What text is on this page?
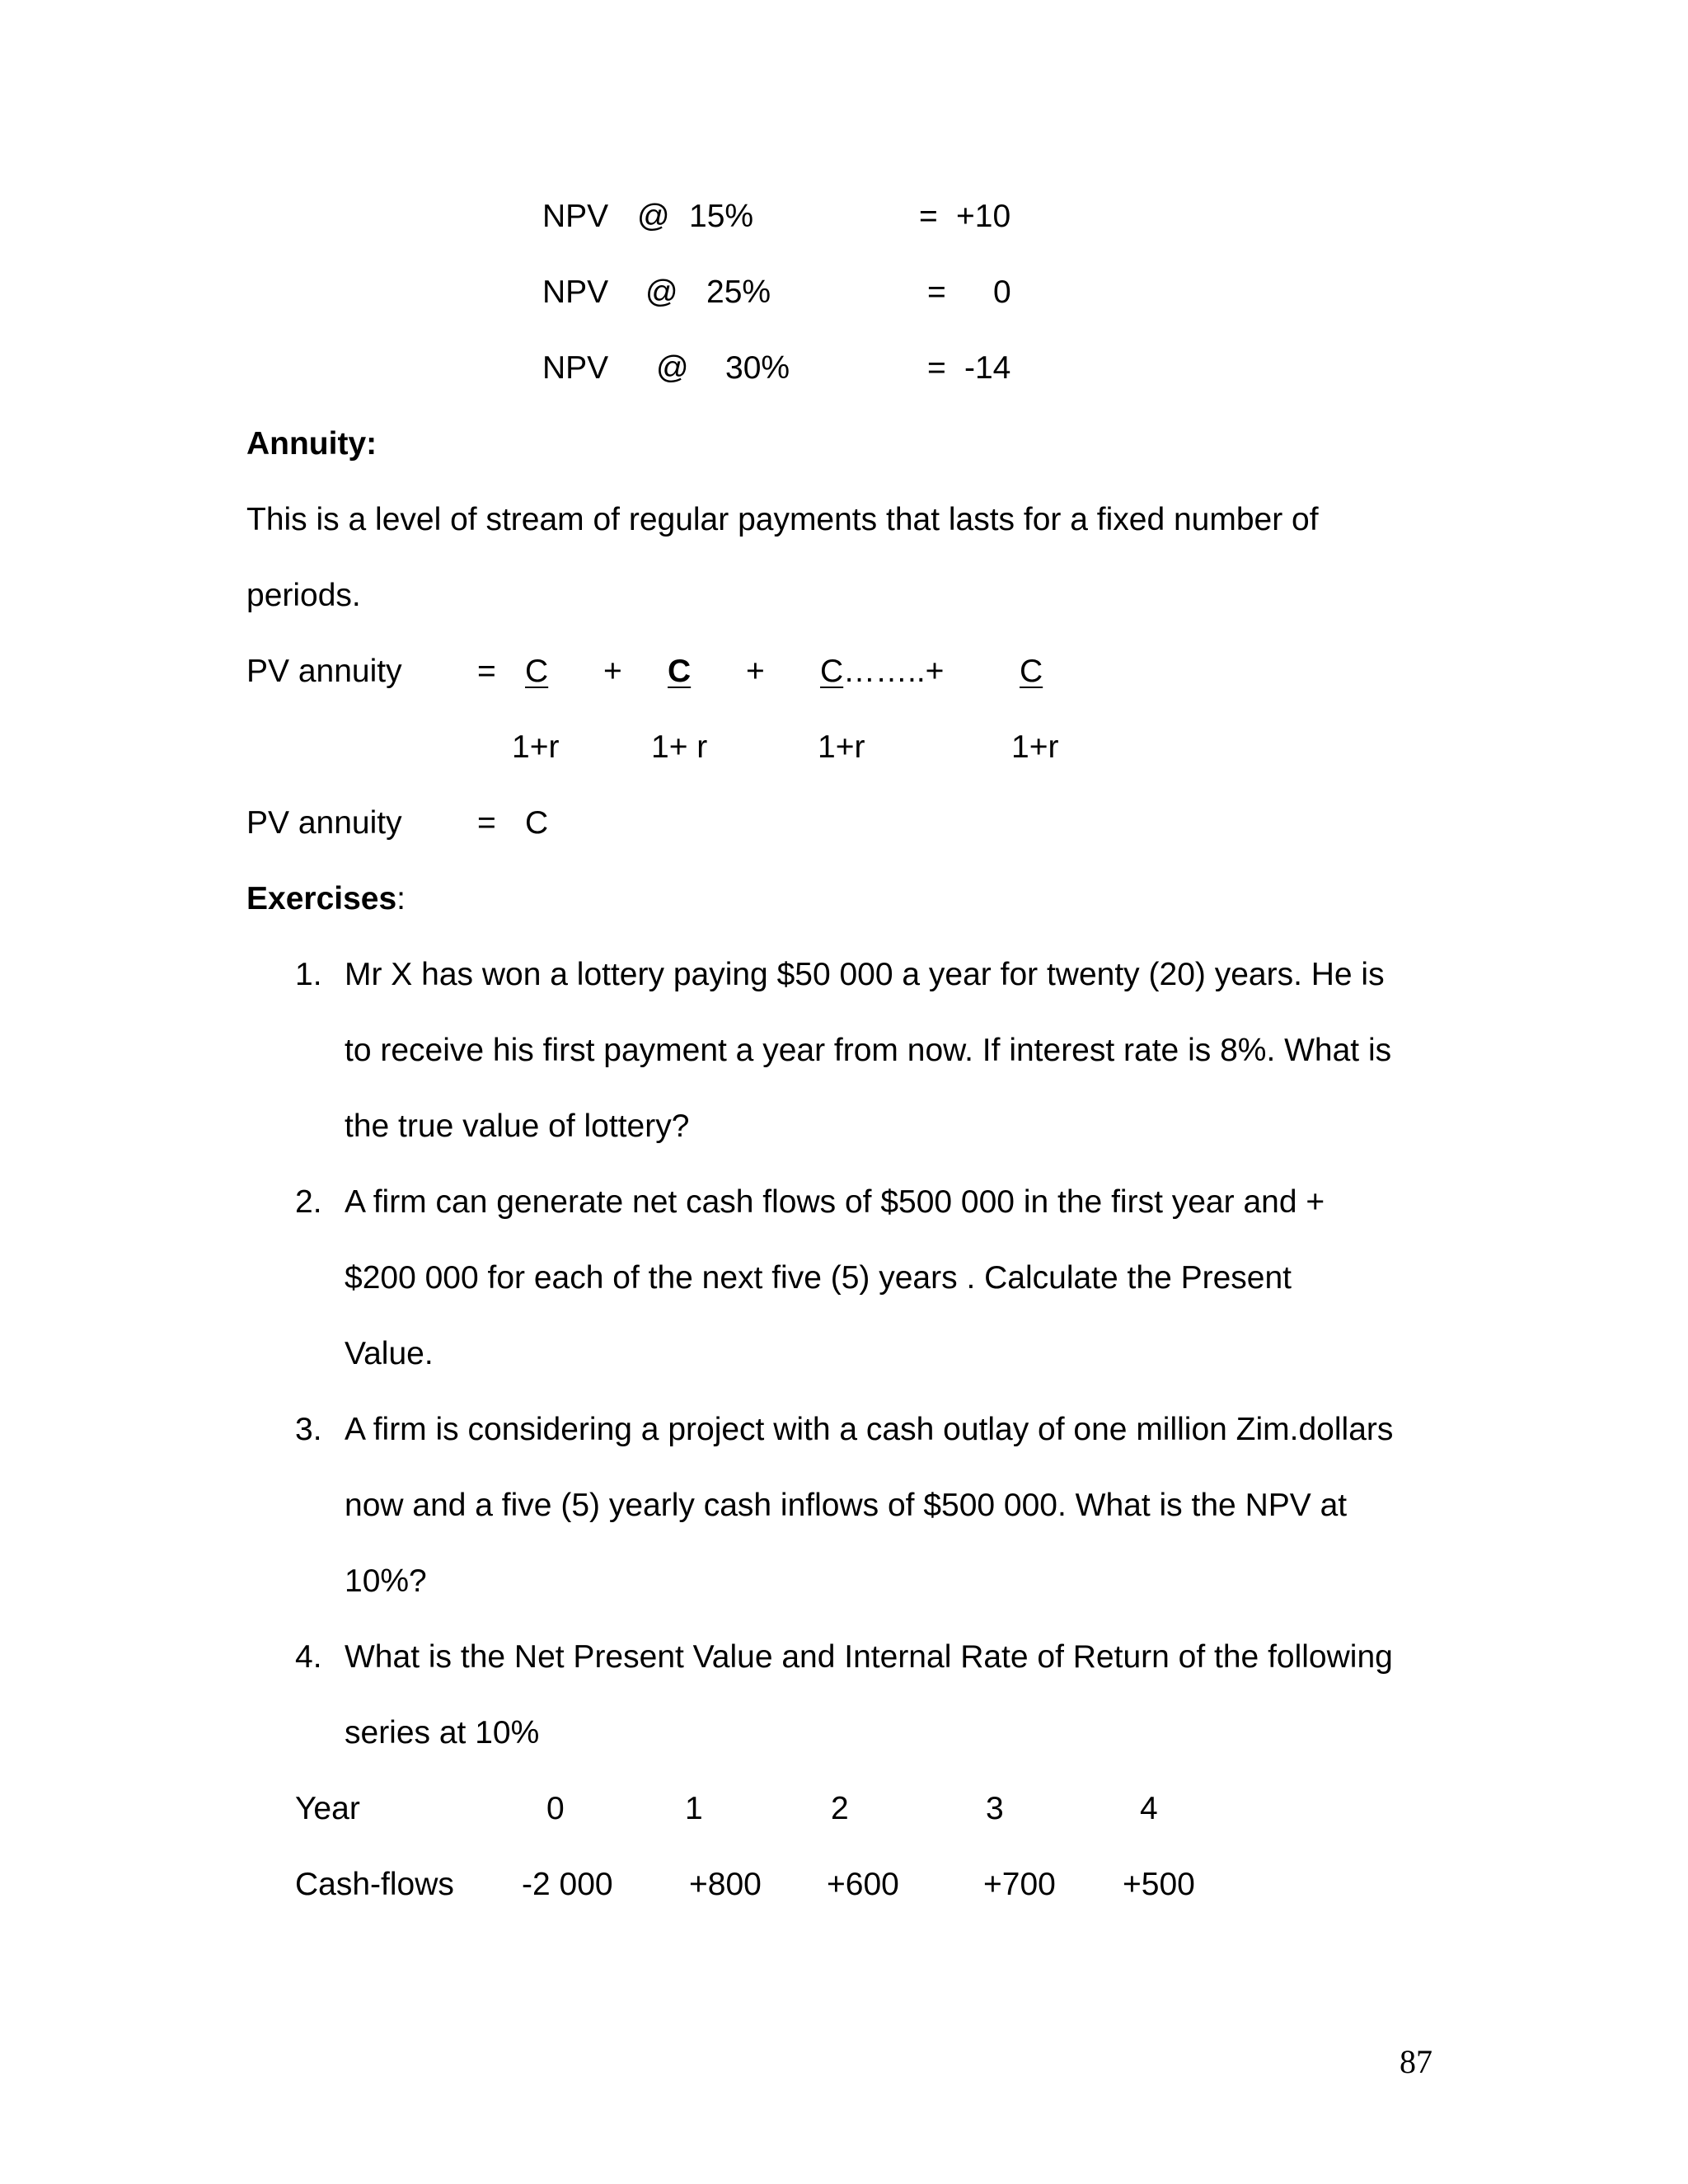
NPV @ 15%	= +10
NPV @ 25%	= 0
NPV @ 30%	= -14
Annuity:
This is a level of stream of regular payments that lasts for a fixed number of
periods.
PV annuity = C + C + C ……..+ C
1+r	1+ r	1+r	1+r
PV annuity = C
Exercises:
1. Mr X has won a lottery paying $50 000 a year for twenty (20) years. He is
to receive his first payment a year from now. If interest rate is 8%. What is
the true value of lottery?
2. A firm can generate net cash flows of $500 000 in the first year and +
$200 000 for each of the next five (5) years . Calculate the Present
Value.
3. A firm is considering a project with a cash outlay of one million Zim.dollars
now and a five (5) yearly cash inflows of $500 000. What is the NPV at
10%?
4. What is the Net Present Value and Internal Rate of Return of the following
series at 10%
Year	0	1	2	3	4
Cash-flows -2 000 +800 +600	+700 +500
87
